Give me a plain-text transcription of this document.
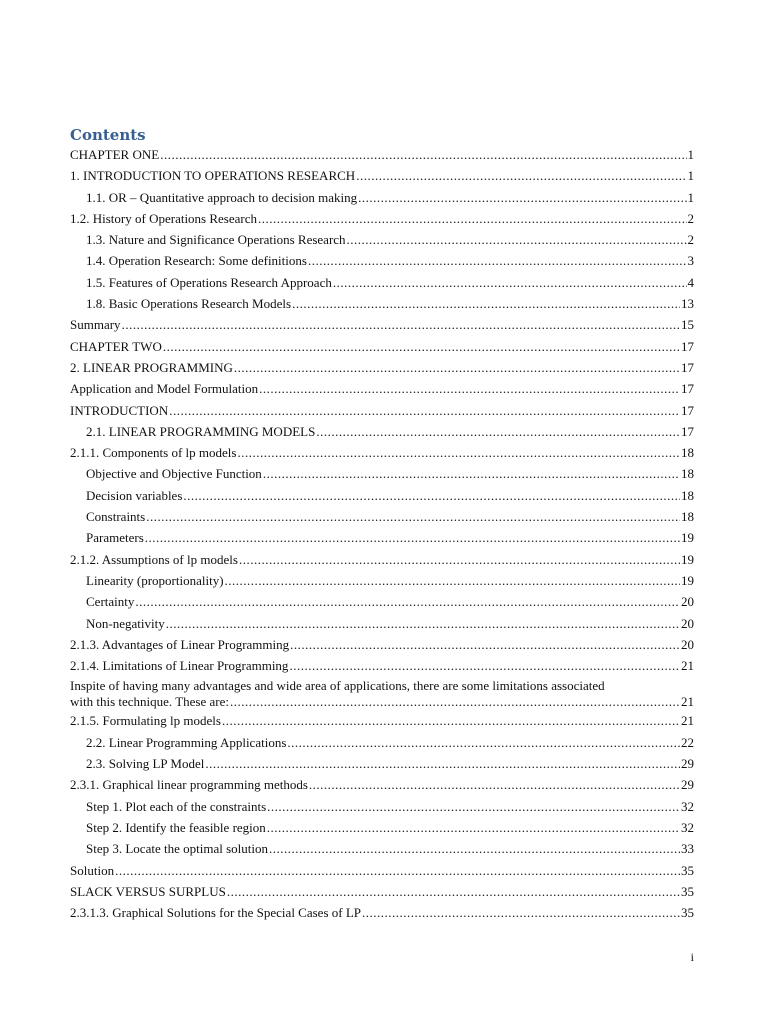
Contents
CHAPTER ONE .....	1
1. INTRODUCTION TO OPERATIONS RESEARCH .....	1
1.1. OR – Quantitative approach to decision making .....	1
1.2. History of Operations Research .....	2
1.3. Nature and Significance Operations Research .....	2
1.4. Operation Research: Some definitions .....	3
1.5. Features of Operations Research Approach .....	4
1.8. Basic Operations Research Models .....	13
Summary .....	15
CHAPTER TWO .....	17
2. LINEAR PROGRAMMING .....	17
Application and Model Formulation .....	17
INTRODUCTION .....	17
2.1. LINEAR PROGRAMMING MODELS .....	17
2.1.1. Components of lp models .....	18
Objective and Objective Function .....	18
Decision variables .....	18
Constraints .....	18
Parameters .....	19
2.1.2. Assumptions of lp models .....	19
Linearity (proportionality) .....	19
Certainty .....	20
Non-negativity .....	20
2.1.3. Advantages of Linear Programming .....	20
2.1.4. Limitations of Linear Programming .....	21
Inspite of having many advantages and wide area of applications, there are some limitations associated
with this technique. These are: .....	21
2.1.5. Formulating lp models .....	21
2.2. Linear Programming Applications .....	22
2.3. Solving LP Model .....	29
2.3.1. Graphical linear programming methods .....	29
Step 1. Plot each of the constraints .....	32
Step 2. Identify the feasible region .....	32
Step 3. Locate the optimal solution .....	33
Solution .....	35
SLACK VERSUS SURPLUS .....	35
2.3.1.3. Graphical Solutions for the Special Cases of LP .....	35
i
